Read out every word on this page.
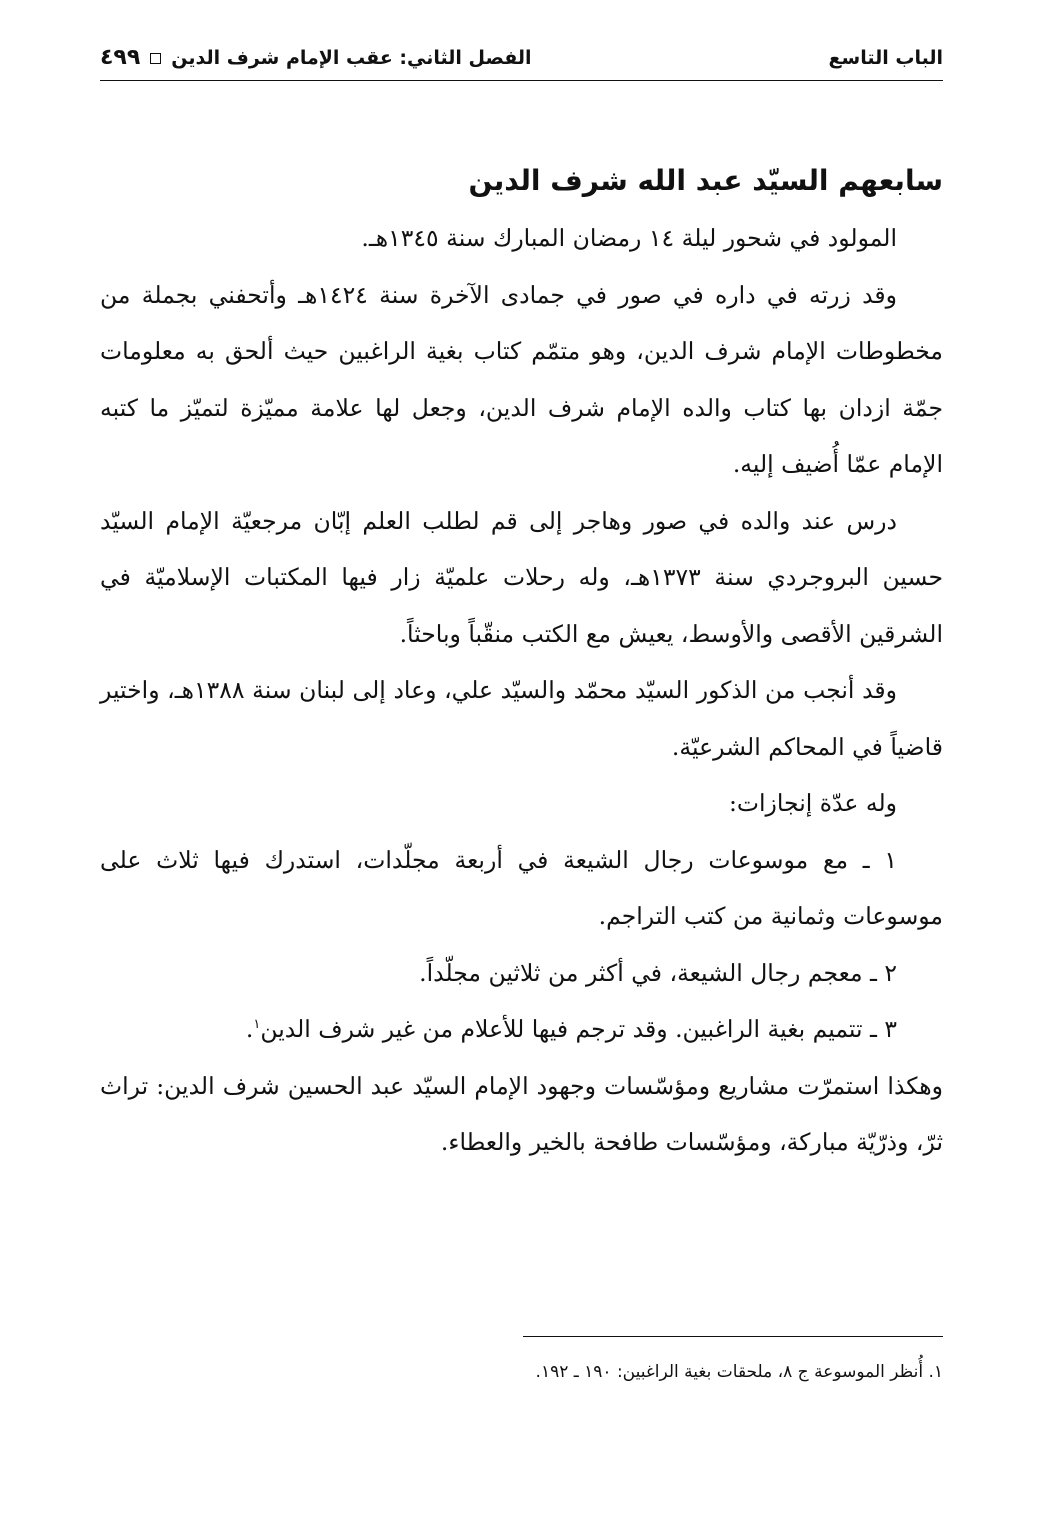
الباب التاسع
الفصل الثاني: عقب الإمام شرف الدين
٤٩٩
سابعهم السيّد عبد الله شرف الدين

المولود في شحور ليلة ١٤ رمضان المبارك سنة ١٣٤٥هـ.

وقد زرته في داره في صور في جمادى الآخرة سنة ١٤٢٤هـ وأتحفني بجملة من مخطوطات الإمام شرف الدين، وهو متمّم كتاب بغية الراغبين حيث ألحق به معلومات جمّة ازدان بها كتاب والده الإمام شرف الدين، وجعل لها علامة مميّزة لتميّز ما كتبه الإمام عمّا أُضيف إليه.

درس عند والده في صور وهاجر إلى قم لطلب العلم إبّان مرجعيّة الإمام السيّد حسين البروجردي سنة ١٣٧٣هـ، وله رحلات علميّة زار فيها المكتبات الإسلاميّة في الشرقين الأقصى والأوسط، يعيش مع الكتب منقّباً وباحثاً.

وقد أنجب من الذكور السيّد محمّد والسيّد علي، وعاد إلى لبنان سنة ١٣٨٨هـ، واختير قاضياً في المحاكم الشرعيّة.

وله عدّة إنجازات:

١ ـ مع موسوعات رجال الشيعة في أربعة مجلّدات، استدرك فيها ثلاث على موسوعات وثمانية من كتب التراجم.

٢ ـ معجم رجال الشيعة، في أكثر من ثلاثين مجلّداً.

٣ ـ تتميم بغية الراغبين. وقد ترجم فيها للأعلام من غير شرف الدين$^١$.

وهكذا استمرّت مشاريع ومؤسّسات وجهود الإمام السيّد عبد الحسين شرف الدين: تراث ثرّ، وذرّيّة مباركة، ومؤسّسات طافحة بالخير والعطاء.

١. أُنظر الموسوعة ج ٨، ملحقات بغية الراغبين: ١٩٠ ـ ١٩٢.
